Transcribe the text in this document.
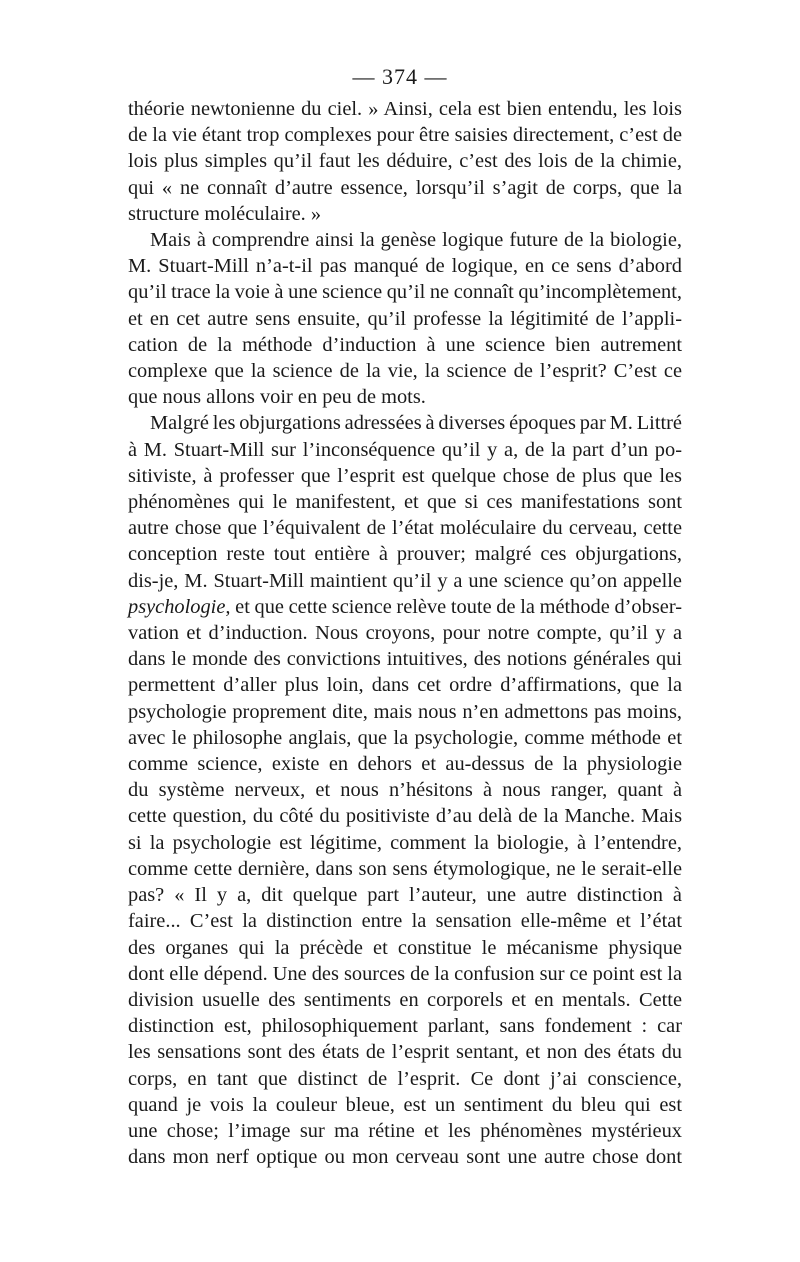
— 374 —
théorie newtonienne du ciel. » Ainsi, cela est bien entendu, les lois
de la vie étant trop complexes pour être saisies directement, c’est de
lois plus simples qu’il faut les déduire, c’est des lois de la chimie,
qui « ne connaît d’autre essence, lorsqu’il s’agit de corps, que la
structure moléculaire. »
Mais à comprendre ainsi la genèse logique future de la biologie,
M. Stuart-Mill n’a-t-il pas manqué de logique, en ce sens d’abord
qu’il trace la voie à une science qu’il ne connaît qu’incomplètement,
et en cet autre sens ensuite, qu’il professe la légitimité de l’appli-
cation de la méthode d’induction à une science bien autrement
complexe que la science de la vie, la science de l’esprit? C’est ce
que nous allons voir en peu de mots.
Malgré les objurgations adressées à diverses époques par M. Littré
à M. Stuart-Mill sur l’inconséquence qu’il y a, de la part d’un po-
sitiviste, à professer que l’esprit est quelque chose de plus que les
phénomènes qui le manifestent, et que si ces manifestations sont
autre chose que l’équivalent de l’état moléculaire du cerveau, cette
conception reste tout entière à prouver; malgré ces objurgations,
dis-je, M. Stuart-Mill maintient qu’il y a une science qu’on appelle
psychologie, et que cette science relève toute de la méthode d’obser-
vation et d’induction. Nous croyons, pour notre compte, qu’il y a
dans le monde des convictions intuitives, des notions générales qui
permettent d’aller plus loin, dans cet ordre d’affirmations, que la
psychologie proprement dite, mais nous n’en admettons pas moins,
avec le philosophe anglais, que la psychologie, comme méthode et
comme science, existe en dehors et au-dessus de la physiologie
du système nerveux, et nous n’hésitons à nous ranger, quant à
cette question, du côté du positiviste d’au delà de la Manche. Mais
si la psychologie est légitime, comment la biologie, à l’entendre,
comme cette dernière, dans son sens étymologique, ne le serait-elle
pas? « Il y a, dit quelque part l’auteur, une autre distinction à
faire... C’est la distinction entre la sensation elle-même et l’état
des organes qui la précède et constitue le mécanisme physique
dont elle dépend. Une des sources de la confusion sur ce point est la
division usuelle des sentiments en corporels et en mentals. Cette
distinction est, philosophiquement parlant, sans fondement : car
les sensations sont des états de l’esprit sentant, et non des états du
corps, en tant que distinct de l’esprit. Ce dont j’ai conscience,
quand je vois la couleur bleue, est un sentiment du bleu qui est
une chose; l’image sur ma rétine et les phénomènes mystérieux
dans mon nerf optique ou mon cerveau sont une autre chose dont
